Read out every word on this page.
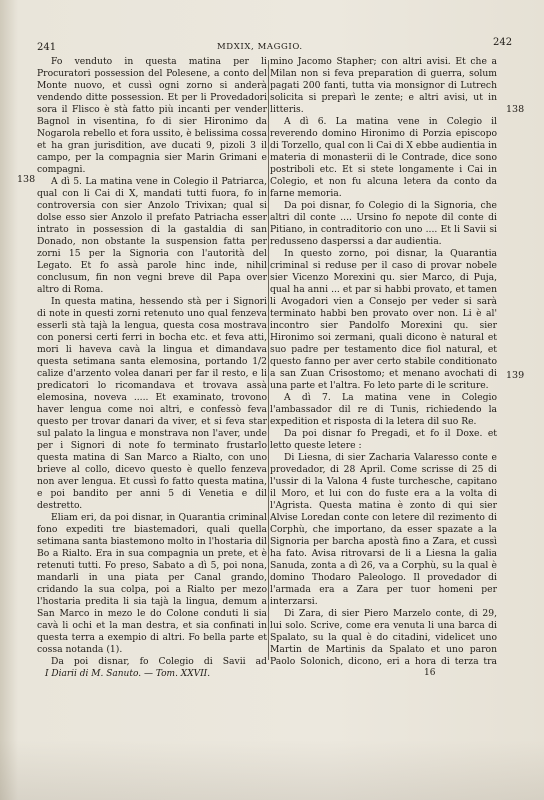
241	MDXIX, MAGGIO.	242
138
138
139

Fo venduto in questa matina per li Procuratori possession del Polesene, a conto del Monte nuovo, et cussì ogni zorno si anderà vendendo ditte possession. Et per li Provedadori sora il Flisco è stà fatto più incanti per vender Bagnol in visentina, fo di sier Hironimo da Nogarola rebello et fora ussito, è belissima cossa et ha gran jurisdition, ave ducati 9, pizoli 3 il campo, per la compagnia sier Marin Grimani e compagni.

A dì 5. La matina vene in Colegio il Patriarca, qual con li Cai di X, mandati tutti fuora, fo in controversia con sier Anzolo Trivixan; qual si dolse esso sier Anzolo il prefato Patriacha esser intrato in possession di la gastaldia di san Donado, non obstante la suspension fatta per zorni 15 per la Signoria con l'autorità del Legato. Et fo assà parole hinc inde, nihil conclusum, fin non vegni breve dil Papa over altro di Roma.

In questa matina, hessendo stà per i Signori di note in questi zorni retenuto uno qual fenzeva esserli stà tajà la lengua, questa cosa mostrava con ponersi certi ferri in bocha etc. et feva atti, mori li haveva cavà la lingua et dimandava questa setimana santa elemosina, portando 1/2 calize d'arzento volea danari per far il resto, e li predicatori lo ricomandava et trovava assà elemosina, noveva ..... Et examinato, trovono haver lengua come noi altri, e confessò feva questo per trovar danari da viver, et si feva star sul palato la lingua e monstrava non l'aver, unde per i Signori di note fo terminato frustarlo questa matina di San Marco a Rialto, con uno brieve al collo, dicevo questo è quello fenzeva non aver lengua. Et cussì fo fatto questa matina, e poi bandito per anni 5 di Venetia e dil destretto.

Eliam eri, da poi disnar, in Quarantia criminal fono expediti tre biastemadori, quali quella setimana santa biastemono molto in l'hostaria dil Bo a Rialto. Era in sua compagnia un prete, et è retenuti tutti. Fo preso, Sabato a dì 5, poi nona, mandarli in una piata per Canal grando, cridando la sua colpa, poi a Rialto per mezo l'hostaria predita li sia tajà la lingua, demum a San Marco in mezo le do Colone conduti li sia cavà li ochi et la man destra, et sia confinati in questa terra a exempio di altri. Fo bella parte et cossa notanda (1).

Da poi disnar, fo Colegio di Savii ad

mino Jacomo Stapher; con altri avisi. Et che a Milan non si feva preparation di guerra, solum pagati 200 fanti, tutta via monsignor di Lutrech solicita si preparì le zente; e altri avisi, ut in litteris.

A dì 6. La matina vene in Colegio il reverendo domino Hironimo di Porzia episcopo di Torzello, qual con li Cai di X ebbe audientia in materia di monasterii di le Contrade, dice sono postriboli etc. Et si stete longamente i Cai in Colegio, et non fu alcuna letera da conto da farne memoria.

Da poi disnar, fo Colegio di la Signoria, che altri dil conte .... Ursino fo nepote dil conte di Pitiano, in contraditorio con uno .... Et li Savii si redusseno dasperssi a dar audientia.

In questo zorno, poi disnar, la Quarantia criminal si reduse per il caso di provar nobele sier Vicenzo Morexini qu. sier Marco, di Puja, qual ha anni ... et par si habbi provato, et tamen li Avogadori vien a Consejo per veder si sarà terminato habbi ben provato over non. Li è al' incontro sier Pandolfo Morexini qu. sier Hironimo soi zermani, quali dicono è natural et suo padre per testamento dice fiol natural, et questo fanno per aver certo stabile conditionato a san Zuan Crisostomo; et menano avochati di una parte et l'altra. Fo leto parte di le scriture.

A dì 7. La matina vene in Colegio l'ambassador dil re di Tunis, richiedendo la expedition et risposta di la letera dil suo Re.

Da poi disnar fo Pregadi, et fo il Doxe. et letto queste letere :

Di Liesna, di sier Zacharia Valaresso conte e provedador, di 28 April. Come scrisse di 25 di l'ussir di la Valona 4 fuste turchesche, capitano il Moro, et lui con do fuste era a la volta di l'Agrista. Questa matina è zonto di qui sier Alvise Loredan conte con letere dil rezimento di Corphù, che importano, da esser spazate a la Signoria per barcha apostà fino a Zara, et cussì ha fato. Avisa ritrovarsi de li a Liesna la galia Sanuda, zonta a dì 26, va a Corphù, su la qual è domino Thodaro Paleologo. Il provedador di l'armada era a Zara per tuor homeni per interzarsi.

Di Zara, di sier Piero Marzelo conte, di 29, lui solo. Scrive, come era venuta li una barca di Spalato, su la qual è do citadini, videlicet uno Martin de Martinis da Spalato et uno paron Paolo Solonich, dicono, eri a hora di terza tra

I Diarii di M. Sanuto. — Tom. XXVII.	16
